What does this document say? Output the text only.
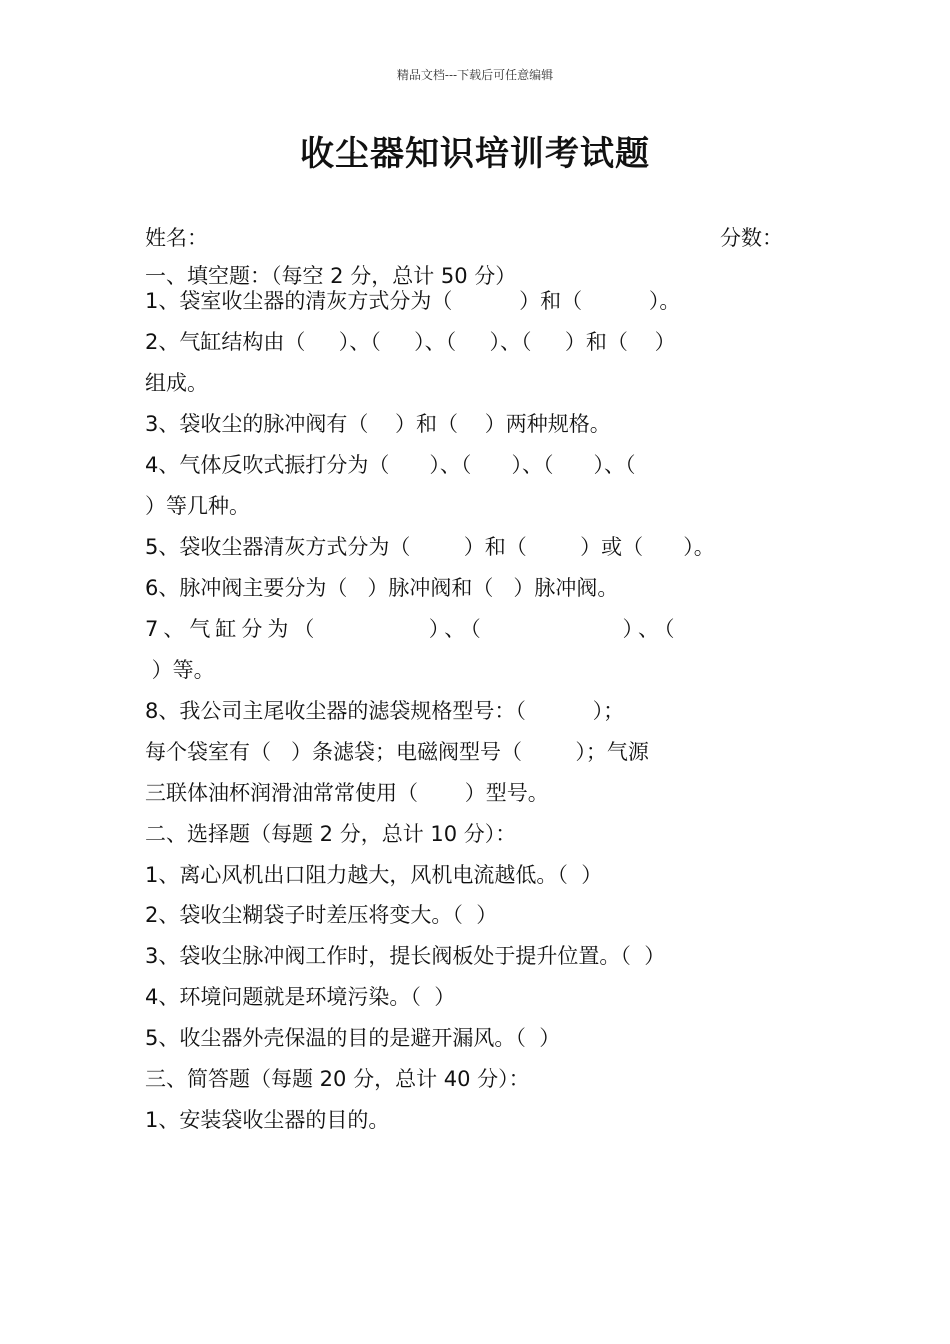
精品文档---下载后可任意编辑
收尘器知识培训考试题
姓名：	分数：
一、填空题：（每空 2 分，总计 50 分）
1、袋室收尘器的清灰方式分为（          ）和（          ）。
2、气缸结构由（     ）、（     ）、（     ）、（     ）和（    ）
组成。
3、袋收尘的脉冲阀有（    ）和（    ）两种规格。
4、气体反吹式振打分为（      ）、（      ）、（      ）、（
）等几种。
5、袋收尘器清灰方式分为（        ）和（        ）或（      ）。
6、脉冲阀主要分为（   ）脉冲阀和（   ）脉冲阀。
7、气缸分为（        ）、（          ）、（
）等。
8、我公司主尾收尘器的滤袋规格型号：（          ）；
每个袋室有（   ）条滤袋；电磁阀型号（        ）；气源
三联体油杯润滑油常常使用（       ）型号。
二、选择题（每题 2 分，总计 10 分）：
1、离心风机出口阻力越大，风机电流越低。（  ）
2、袋收尘糊袋子时差压将变大。（  ）
3、袋收尘脉冲阀工作时，提长阀板处于提升位置。（  ）
4、环境问题就是环境污染。（  ）
5、收尘器外壳保温的目的是避开漏风。（  ）
三、简答题（每题 20 分，总计 40 分）：
1、安装袋收尘器的目的。
